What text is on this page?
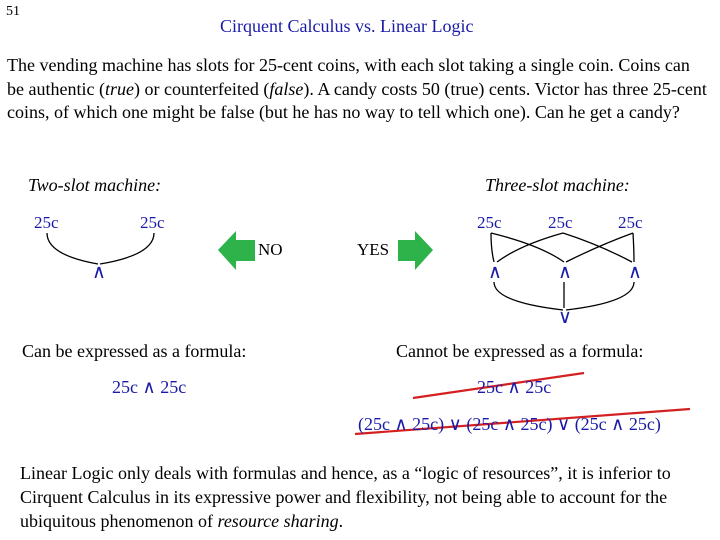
51
Cirquent Calculus vs. Linear Logic
The vending machine has slots for 25-cent coins, with each slot taking a single coin. Coins can be authentic (true) or counterfeited (false). A candy costs 50 (true) cents. Victor has three 25-cent coins, of which one might be false (but he has no way to tell which one). Can he get a candy?
Two-slot machine:
25c	25c
∧
NO	YES
Three-slot machine:
25c	25c	25c
∧	∧	∧
∨
Can be expressed as a formula:	Cannot be expressed as a formula:
25c ∧ 25c	25c ∧ 25c
(25c ∧ 25c) ∨ (25c ∧ 25c) ∨ (25c ∧ 25c)
Linear Logic only deals with formulas and hence, as a “logic of resources”, it is inferior to Cirquent Calculus in its expressive power and flexibility, not being able to account for the ubiquitous phenomenon of resource sharing.
